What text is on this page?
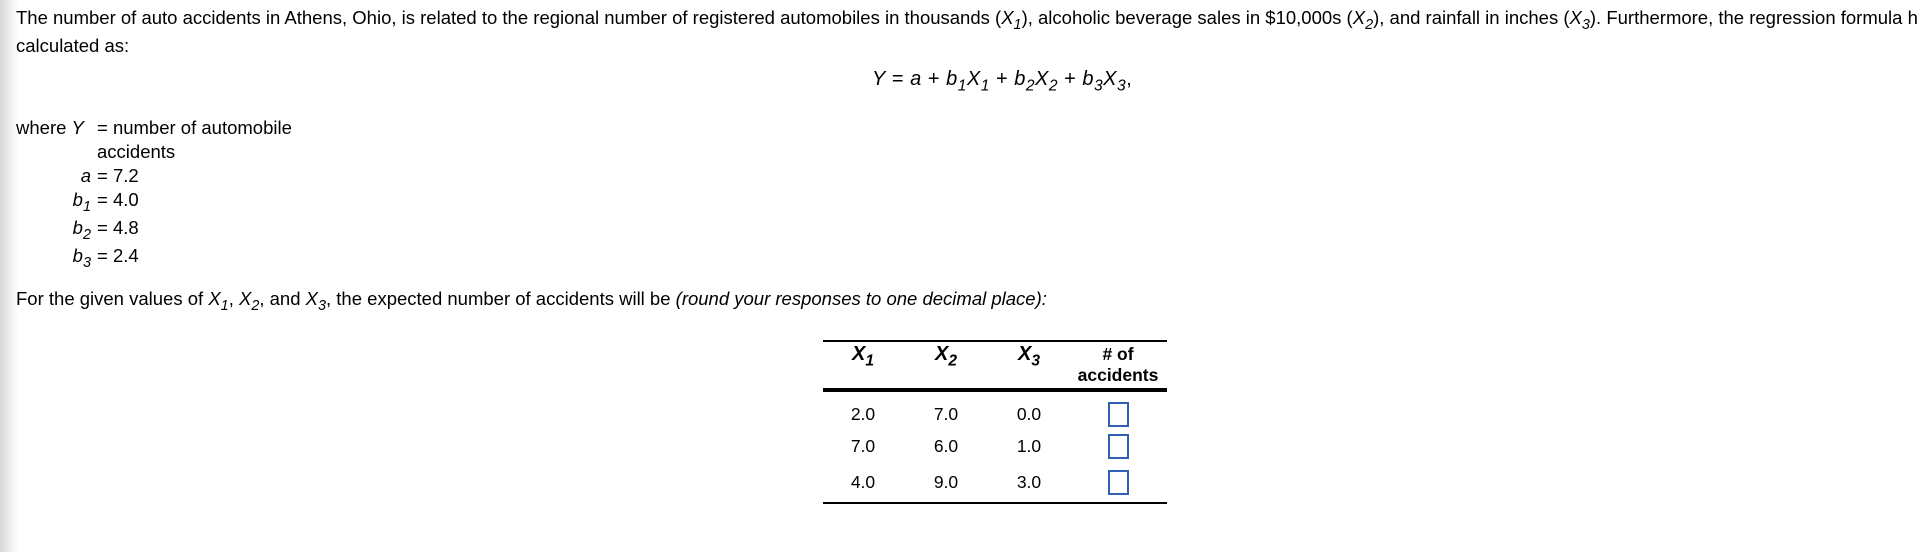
The number of auto accidents in Athens, Ohio, is related to the regional number of registered automobiles in thousands $(X_1)$, alcoholic beverage sales in $10,000s $(X_2)$, and rainfall in inches $(X_3)$. Furthermore, the regression formula h
calculated as:
$Y = a + b_1X_1 + b_2X_2 + b_3X_3$,
where Y = number of automobile
accidents
a = 7.2
$b_1 = 4.0$
$b_2 = 4.8$
$b_3 = 2.4$
For the given values of $X_1$, $X_2$, and $X_3$, the expected number of accidents will be (round your responses to one decimal place):
$X_1$	$X_2$	$X_3$	# of
accidents
2.0	7.0	0.0	
7.0	6.0	1.0	
4.0	9.0	3.0	
